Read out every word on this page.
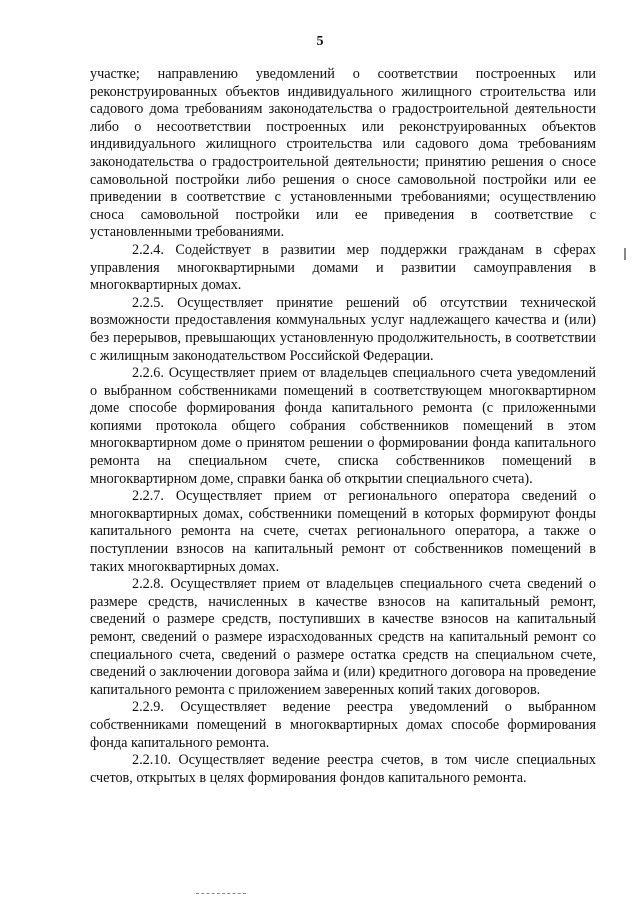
5

участке; направлению уведомлений о соответствии построенных или реконструированных объектов индивидуального жилищного строительства или садового дома требованиям законодательства о градостроительной деятельности либо о несоответствии построенных или реконструированных объектов индивидуального жилищного строительства или садового дома требованиям законодательства о градостроительной деятельности; принятию решения о сносе самовольной постройки либо решения о сносе самовольной постройки или ее приведении в соответствие с установленными требованиями; осуществлению сноса самовольной постройки или ее приведения в соответствие с установленными требованиями.

2.2.4. Содействует в развитии мер поддержки гражданам в сферах управления многоквартирными домами и развитии самоуправления в многоквартирных домах.

2.2.5. Осуществляет принятие решений об отсутствии технической возможности предоставления коммунальных услуг надлежащего качества и (или) без перерывов, превышающих установленную продолжительность, в соответствии с жилищным законодательством Российской Федерации.

2.2.6. Осуществляет прием от владельцев специального счета уведомлений о выбранном собственниками помещений в соответствующем многоквартирном доме способе формирования фонда капитального ремонта (с приложенными копиями протокола общего собрания собственников помещений в этом многоквартирном доме о принятом решении о формировании фонда капитального ремонта на специальном счете, списка собственников помещений в многоквартирном доме, справки банка об открытии специального счета).

2.2.7. Осуществляет прием от регионального оператора сведений о многоквартирных домах, собственники помещений в которых формируют фонды капитального ремонта на счете, счетах регионального оператора, а также о поступлении взносов на капитальный ремонт от собственников помещений в таких многоквартирных домах.

2.2.8. Осуществляет прием от владельцев специального счета сведений о размере средств, начисленных в качестве взносов на капитальный ремонт, сведений о размере средств, поступивших в качестве взносов на капитальный ремонт, сведений о размере израсходованных средств на капитальный ремонт со специального счета, сведений о размере остатка средств на специальном счете, сведений о заключении договора займа и (или) кредитного договора на проведение капитального ремонта с приложением заверенных копий таких договоров.

2.2.9. Осуществляет ведение реестра уведомлений о выбранном собственниками помещений в многоквартирных домах способе формирования фонда капитального ремонта.

2.2.10. Осуществляет ведение реестра счетов, в том числе специальных счетов, открытых в целях формирования фондов капитального ремонта.
